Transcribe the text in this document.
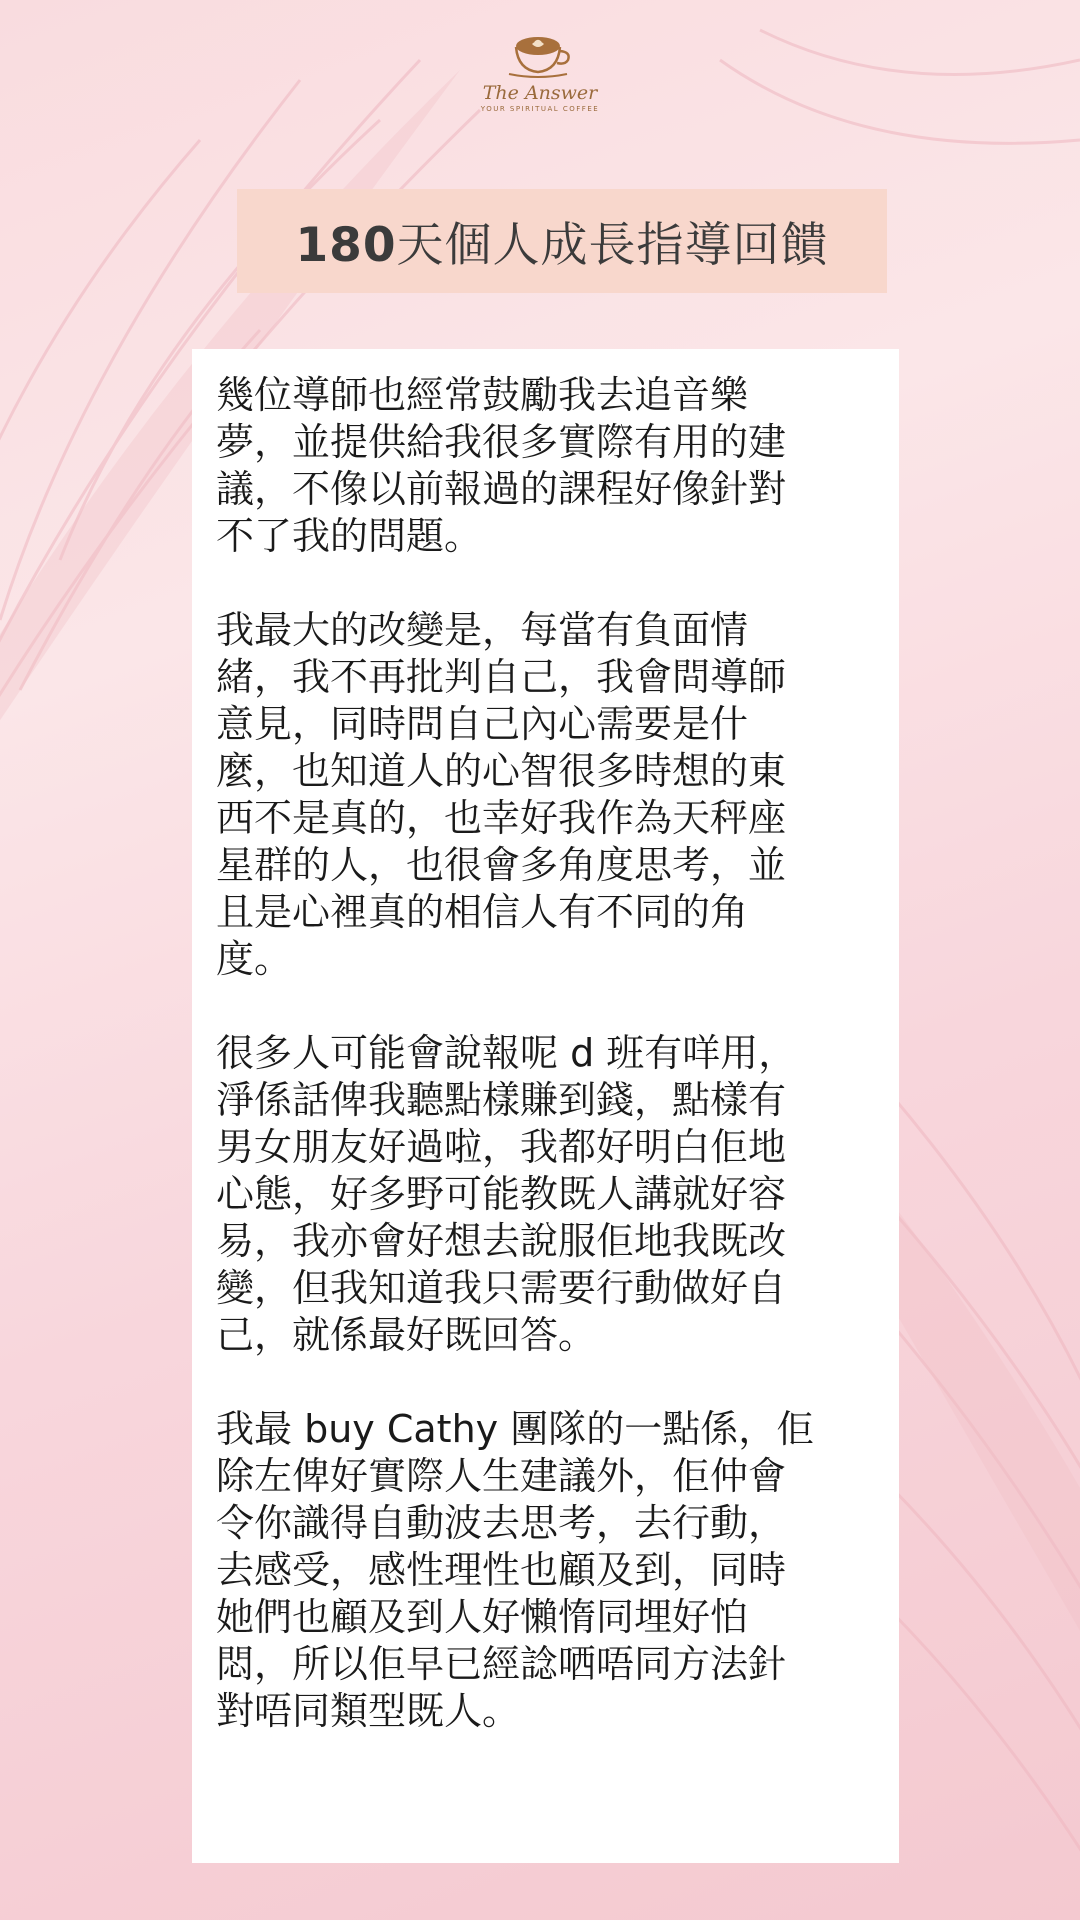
The Answer
YOUR SPIRITUAL COFFEE
180天個人成長指導回饋

幾位導師也經常鼓勵我去追音樂
夢，並提供給我很多實際有用的建
議，不像以前報過的課程好像針對
不了我的問題。

我最大的改變是，每當有負面情
緒，我不再批判自己，我會問導師
意見，同時問自己內心需要是什
麼，也知道人的心智很多時想的東
西不是真的，也幸好我作為天秤座
星群的人，也很會多角度思考，並
且是心裡真的相信人有不同的角
度。

很多人可能會說報呢 d 班有咩用，
淨係話俾我聽點樣賺到錢，點樣有
男女朋友好過啦，我都好明白佢地
心態，好多野可能教既人講就好容
易，我亦會好想去說服佢地我既改
變，但我知道我只需要行動做好自
己，就係最好既回答。

我最 buy Cathy 團隊的一點係，佢
除左俾好實際人生建議外，佢仲會
令你識得自動波去思考，去行動，
去感受，感性理性也顧及到，同時
她們也顧及到人好懶惰同埋好怕
悶，所以佢早已經諗哂唔同方法針
對唔同類型既人。
